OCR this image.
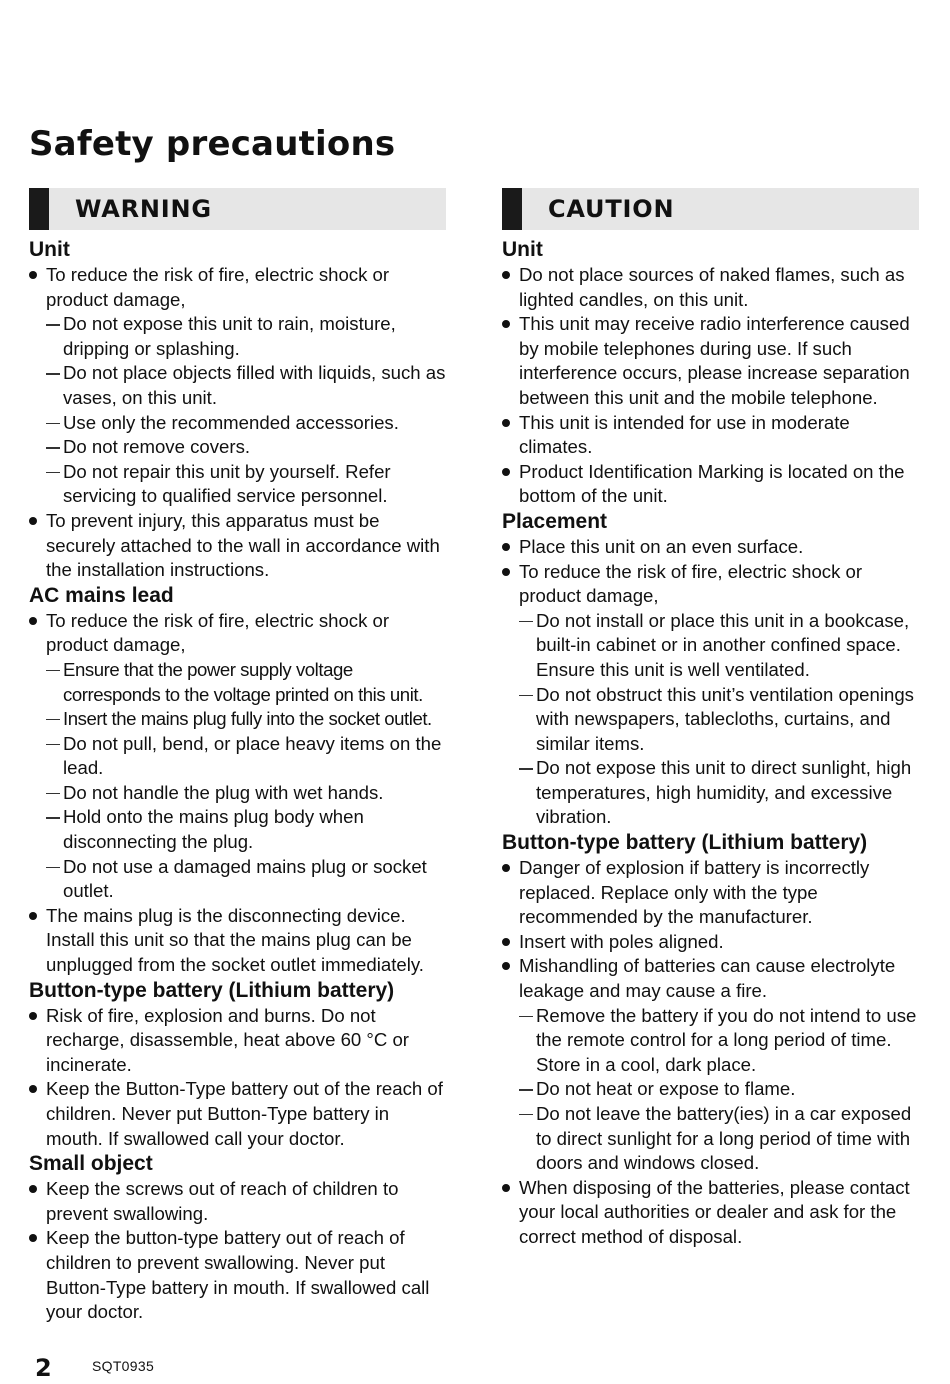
Safety precautions
WARNING
Unit
To reduce the risk of fire, electric shock or product damage,
Do not expose this unit to rain, moisture, dripping or splashing.
Do not place objects filled with liquids, such as vases, on this unit.
Use only the recommended accessories.
Do not remove covers.
Do not repair this unit by yourself. Refer servicing to qualified service personnel.
To prevent injury, this apparatus must be securely attached to the wall in accordance with the installation instructions.
AC mains lead
To reduce the risk of fire, electric shock or product damage,
Ensure that the power supply voltage corresponds to the voltage printed on this unit.
Insert the mains plug fully into the socket outlet.
Do not pull, bend, or place heavy items on the lead.
Do not handle the plug with wet hands.
Hold onto the mains plug body when disconnecting the plug.
Do not use a damaged mains plug or socket outlet.
The mains plug is the disconnecting device. Install this unit so that the mains plug can be unplugged from the socket outlet immediately.
Button-type battery (Lithium battery)
Risk of fire, explosion and burns. Do not recharge, disassemble, heat above 60 °C or incinerate.
Keep the Button-Type battery out of the reach of children. Never put Button-Type battery in mouth. If swallowed call your doctor.
Small object
Keep the screws out of reach of children to prevent swallowing.
Keep the button-type battery out of reach of children to prevent swallowing. Never put Button-Type battery in mouth. If swallowed call your doctor.
CAUTION
Unit
Do not place sources of naked flames, such as lighted candles, on this unit.
This unit may receive radio interference caused by mobile telephones during use. If such interference occurs, please increase separation between this unit and the mobile telephone.
This unit is intended for use in moderate climates.
Product Identification Marking is located on the bottom of the unit.
Placement
Place this unit on an even surface.
To reduce the risk of fire, electric shock or product damage,
Do not install or place this unit in a bookcase, built-in cabinet or in another confined space. Ensure this unit is well ventilated.
Do not obstruct this unit’s ventilation openings with newspapers, tablecloths, curtains, and similar items.
Do not expose this unit to direct sunlight, high temperatures, high humidity, and excessive vibration.
Button-type battery (Lithium battery)
Danger of explosion if battery is incorrectly replaced. Replace only with the type recommended by the manufacturer.
Insert with poles aligned.
Mishandling of batteries can cause electrolyte leakage and may cause a fire.
Remove the battery if you do not intend to use the remote control for a long period of time. Store in a cool, dark place.
Do not heat or expose to flame.
Do not leave the battery(ies) in a car exposed to direct sunlight for a long period of time with doors and windows closed.
When disposing of the batteries, please contact your local authorities or dealer and ask for the correct method of disposal.
2	SQT0935
